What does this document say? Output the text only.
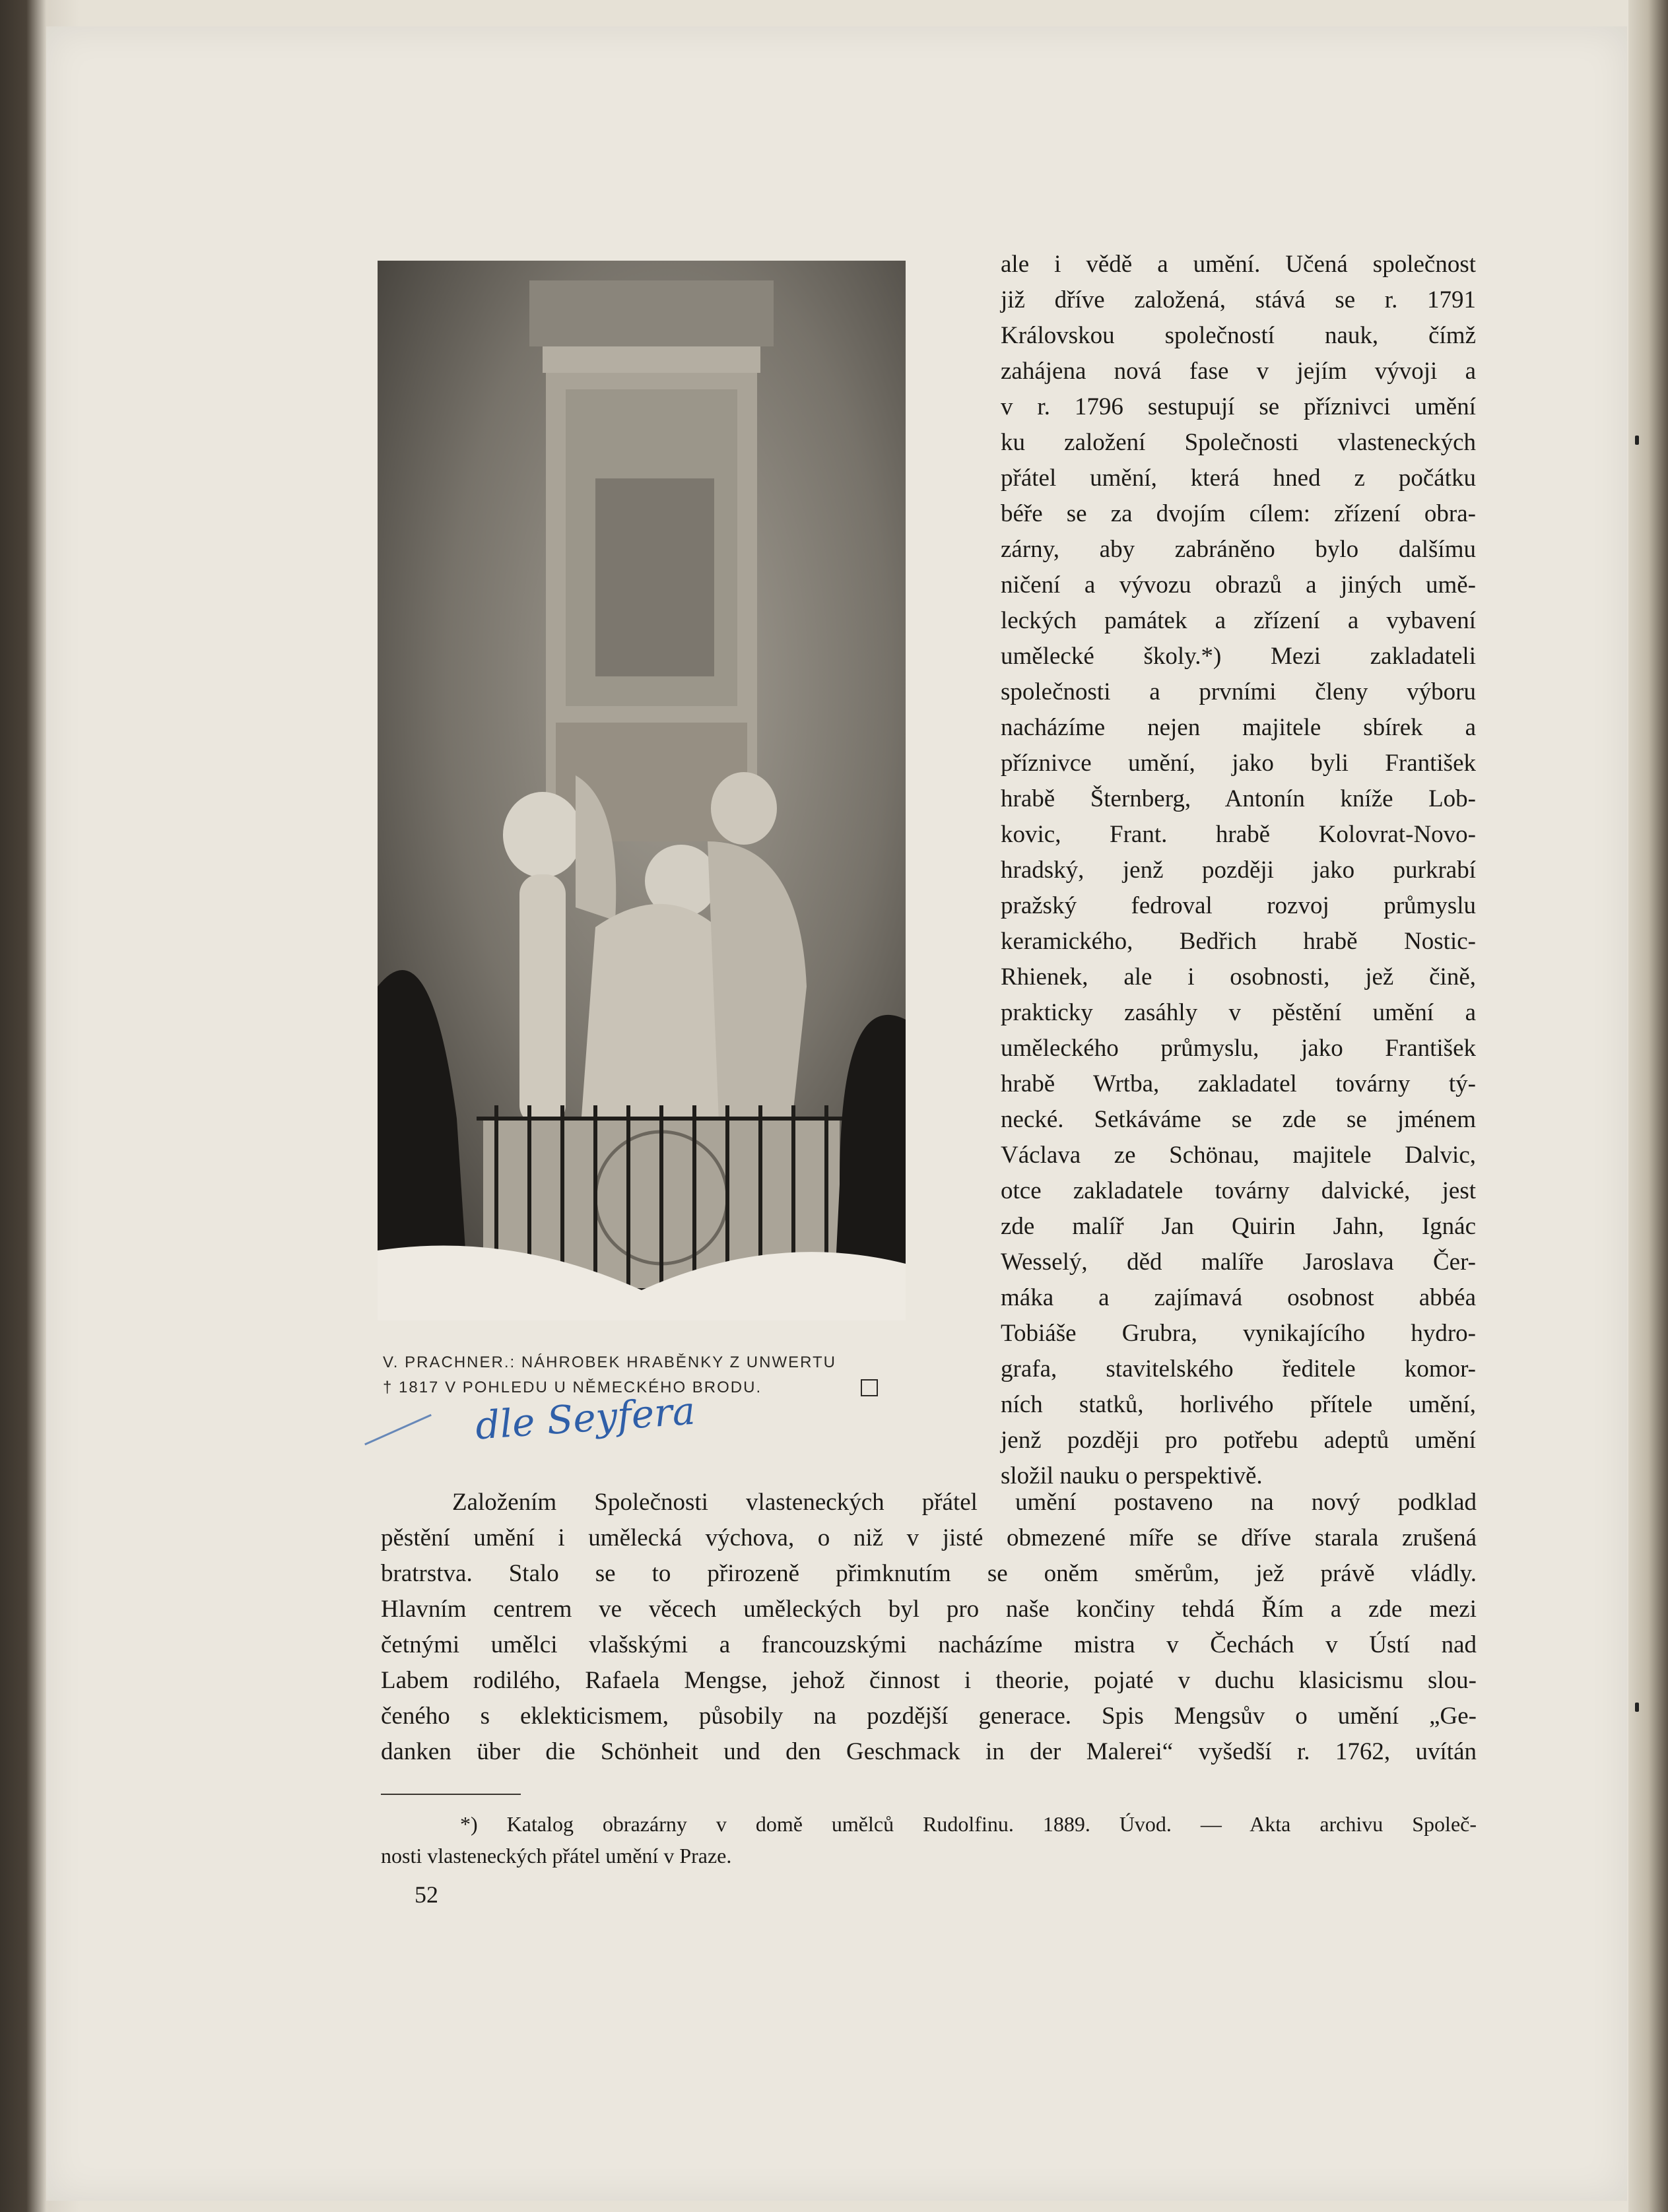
V. PRACHNER.: NÁHROBEK HRABĚNKY Z UNWERTU
† 1817 V POHLEDU U NĚMECKÉHO BRODU.
dle Seyfera
ale i vědě a umění. Učená společnost
již dříve založená, stává se r. 1791
Královskou společností nauk, čímž
zahájena nová fase v jejím vývoji a
v r. 1796 sestupují se příznivci umění
ku založení Společnosti vlasteneckých
přátel umění, která hned z počátku
béře se za dvojím cílem: zřízení obra-
zárny, aby zabráněno bylo dalšímu
ničení a vývozu obrazů a jiných umě-
leckých památek a zřízení a vybavení
umělecké školy.*) Mezi zakladateli
společnosti a prvními členy výboru
nacházíme nejen majitele sbírek a
příznivce umění, jako byli František
hrabě Šternberg, Antonín kníže Lob-
kovic, Frant. hrabě Kolovrat-Novo-
hradský, jenž později jako purkrabí
pražský fedroval rozvoj průmyslu
keramického, Bedřich hrabě Nostic-
Rhienek, ale i osobnosti, jež čině,
prakticky zasáhly v pěstění umění a
uměleckého průmyslu, jako František
hrabě Wrtba, zakladatel továrny tý-
necké. Setkáváme se zde se jménem
Václava ze Schönau, majitele Dalvic,
otce zakladatele továrny dalvické, jest
zde malíř Jan Quirin Jahn, Ignác
Wesselý, děd malíře Jaroslava Čer-
máka a zajímavá osobnost abbéa
Tobiáše Grubra, vynikajícího hydro-
grafa, stavitelského ředitele komor-
ních statků, horlivého přítele umění,
jenž později pro potřebu adeptů umění
složil nauku o perspektivě.
Založením Společnosti vlasteneckých přátel umění postaveno na nový podklad
pěstění umění i umělecká výchova, o niž v jisté obmezené míře se dříve starala zrušená
bratrstva. Stalo se to přirozeně přimknutím se oněm směrům, jež právě vládly.
Hlavním centrem ve věcech uměleckých byl pro naše končiny tehdá Řím a zde mezi
četnými umělci vlašskými a francouzskými nacházíme mistra v Čechách v Ústí nad
Labem rodilého, Rafaela Mengse, jehož činnost i theorie, pojaté v duchu klasicismu slou-
čeného s eklekticismem, působily na pozdější generace. Spis Mengsův o umění „Ge-
danken über die Schönheit und den Geschmack in der Malerei“ vyšedší r. 1762, uvítán
*) Katalog obrazárny v domě umělců Rudolfinu. 1889. Úvod. — Akta archivu Společ-
nosti vlasteneckých přátel umění v Praze.
52
